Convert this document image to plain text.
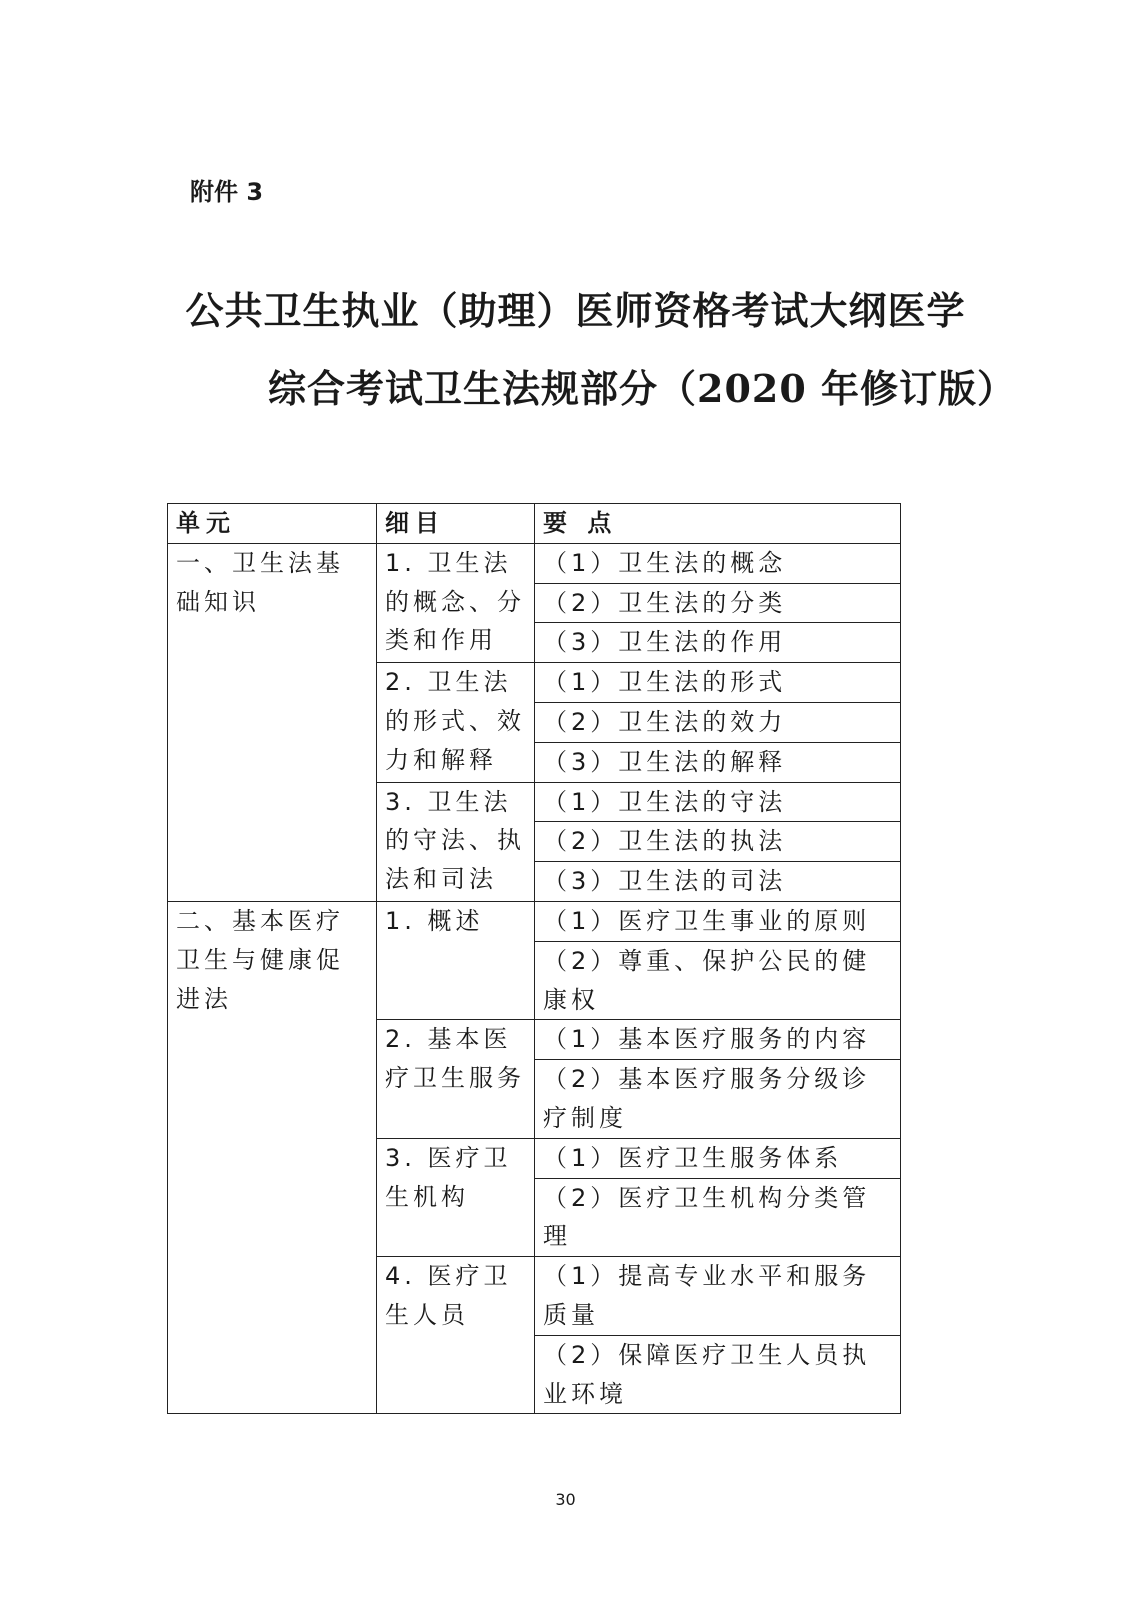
附件 3
公共卫生执业（助理）医师资格考试大纲医学
综合考试卫生法规部分（2020 年修订版）
单元	细目	要 点
一、卫生法基础知识	1. 卫生法的概念、分类和作用	（1）卫生法的概念
		（2）卫生法的分类
		（3）卫生法的作用
	2. 卫生法的形式、效力和解释	（1）卫生法的形式
		（2）卫生法的效力
		（3）卫生法的解释
	3. 卫生法的守法、执法和司法	（1）卫生法的守法
		（2）卫生法的执法
		（3）卫生法的司法
二、基本医疗卫生与健康促进法	1. 概述	（1）医疗卫生事业的原则
		（2）尊重、保护公民的健康权
	2. 基本医疗卫生服务	（1）基本医疗服务的内容
		（2）基本医疗服务分级诊疗制度
	3. 医疗卫生机构	（1）医疗卫生服务体系
		（2）医疗卫生机构分类管理
	4. 医疗卫生人员	（1）提高专业水平和服务质量
		（2）保障医疗卫生人员执业环境
30
